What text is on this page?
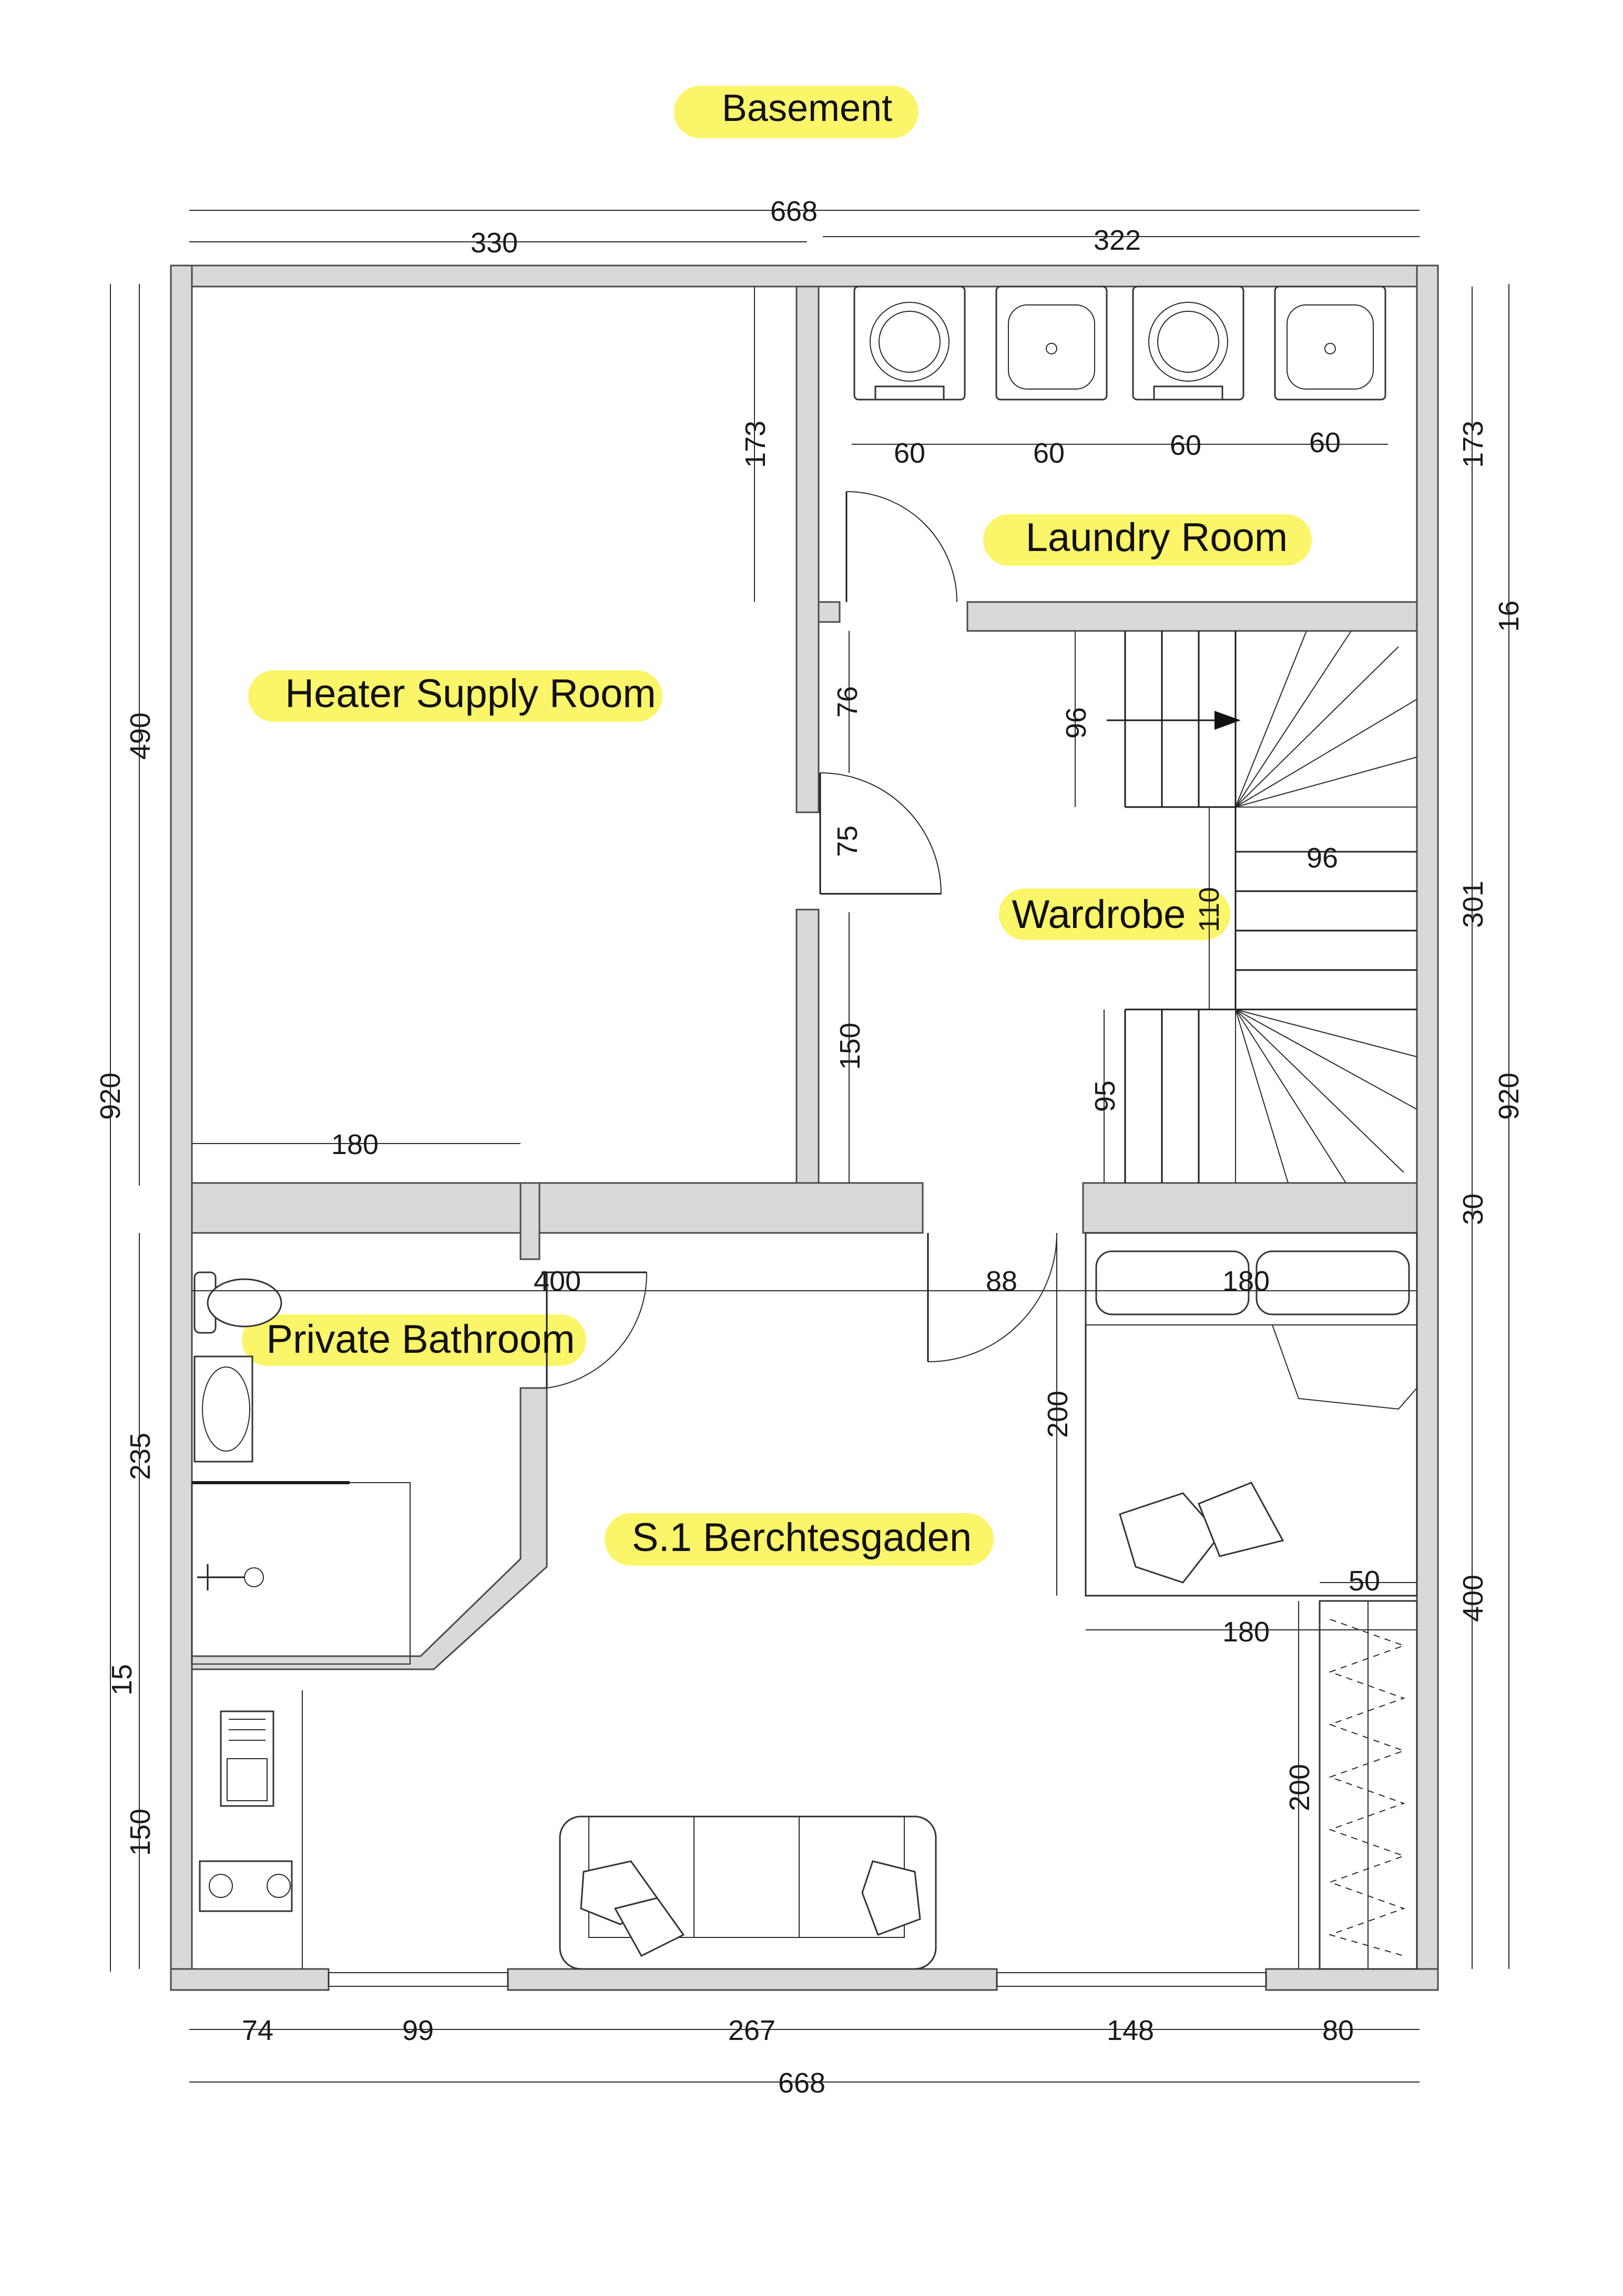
Basement
Heater Supply Room
Laundry Room
Wardrobe
Private Bathroom
S.1 Berchtesgaden
668
330	322
60	60	60	60
96
180
400	88	180
50
180
74	99	267	148	80
668
920
490
235
15
150
173
76
75
150
96
110
95
200
200
173
16
301
920
30
400
